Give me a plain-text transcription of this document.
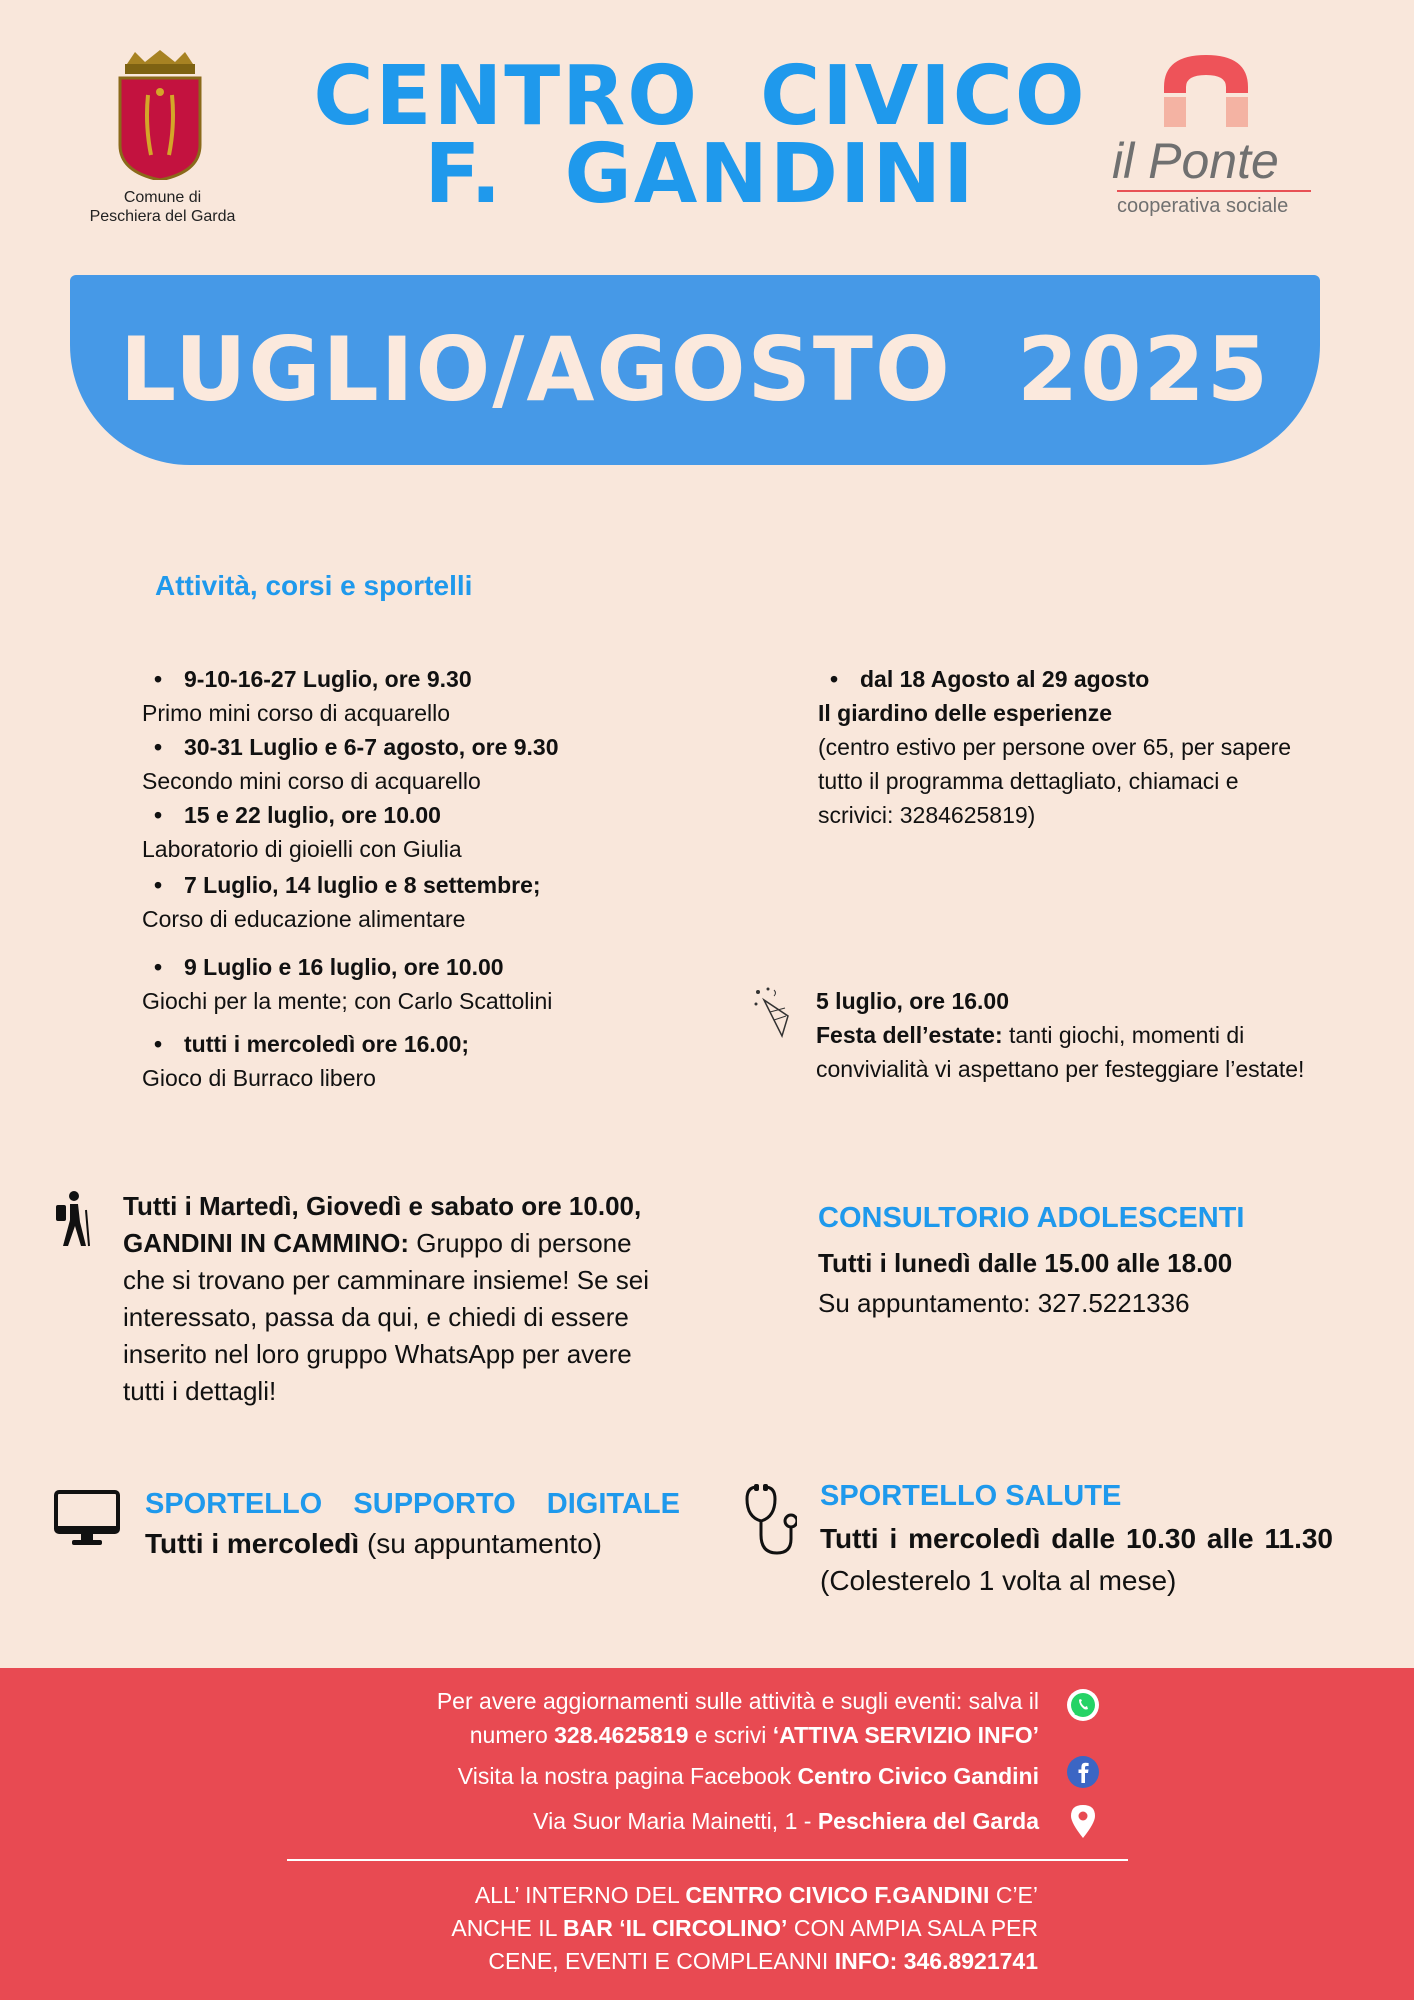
Comune di
Peschiera del Garda
CENTRO  CIVICO
F.  GANDINI	il Ponte
cooperativa sociale
LUGLIO/AGOSTO  2025
Attività, corsi e sportelli
• 9-10-16-27 Luglio, ore 9.30
Primo mini corso di acquarello
• 30-31 Luglio e 6-7 agosto, ore 9.30
Secondo mini corso di acquarello
• 15 e 22 luglio, ore 10.00
Laboratorio di gioielli con Giulia
• 7 Luglio, 14 luglio e 8 settembre;
Corso di educazione alimentare
• 9 Luglio e 16 luglio, ore 10.00
Giochi per la mente; con Carlo Scattolini
• tutti i mercoledì ore 16.00;
Gioco di Burraco libero
• dal 18 Agosto al 29 agosto
Il giardino delle esperienze
(centro estivo per persone over 65, per sapere tutto il programma dettagliato, chiamaci e scrivici: 3284625819)
5 luglio, ore 16.00
Festa dell’estate: tanti giochi, momenti di convivialità vi aspettano per festeggiare l’estate!
Tutti i Martedì, Giovedì e sabato ore 10.00, GANDINI IN CAMMINO: Gruppo di persone che si trovano per camminare insieme! Se sei interessato, passa da qui, e chiedi di essere inserito nel loro gruppo WhatsApp per avere tutti i dettagli!
CONSULTORIO ADOLESCENTI
Tutti i lunedì dalle 15.00 alle 18.00
Su appuntamento: 327.5221336
SPORTELLO SUPPORTO DIGITALE
Tutti i mercoledì (su appuntamento)
SPORTELLO SALUTE
Tutti i mercoledì dalle 10.30 alle 11.30 (Colesterelo 1 volta al mese)
Per avere aggiornamenti sulle attività e sugli eventi: salva il
numero 328.4625819 e scrivi ‘ATTIVA SERVIZIO INFO’
Visita la nostra pagina Facebook Centro Civico Gandini
Via Suor Maria Mainetti, 1 - Peschiera del Garda
ALL’ INTERNO DEL CENTRO CIVICO F.GANDINI C’E’
ANCHE IL BAR ‘IL CIRCOLINO’ CON AMPIA SALA PER
CENE, EVENTI E COMPLEANNI INFO: 346.8921741
